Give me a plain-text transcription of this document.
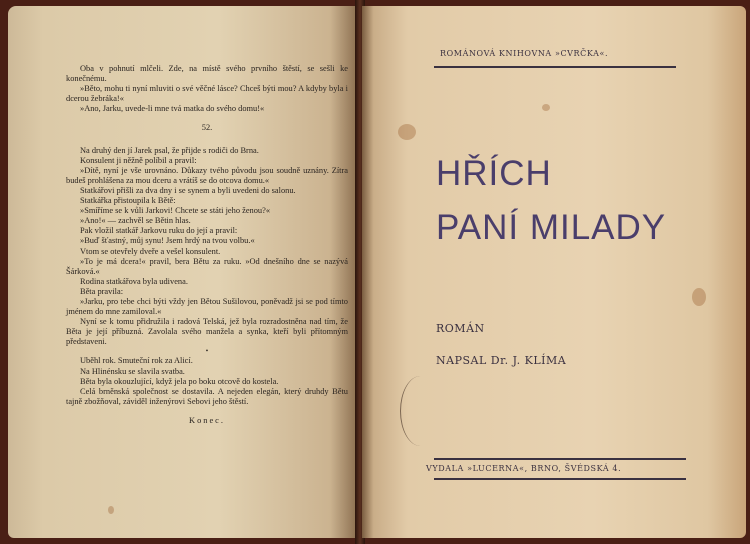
Oba v pohnutí mlčeli. Zde, na místě svého prvního štěstí, se sešli ke konečnému.

»Běto, mohu ti nyní mluviti o své věčné lásce? Chceš býti mou? A kdyby byla i dcerou žebráka!«

»Ano, Jarku, uvede-li mne tvá matka do svého domu!«

52.

Na druhý den jí Jarek psal, že přijde s rodiči do Brna.

Konsulent ji něžně políbil a pravil:

»Dítě, nyní je vše urovnáno. Důkazy tvého původu jsou soudně uznány. Zítra budeš prohlášena za mou dceru a vrátíš se do otcova domu.«

Statkářovi přišli za dva dny i se synem a byli uvedeni do salonu.

Statkářka přistoupila k Bětě:

»Smíříme se k vůli Jarkovi! Chcete se státi jeho ženou?«

»Ano!« — zachvěl se Bětin hlas.

Pak vložil statkář Jarkovu ruku do její a pravil:

»Buď šťastný, můj synu! Jsem hrdý na tvou volbu.«

Vtom se otevřely dveře a vešel konsulent.

»To je má dcera!« pravil, bera Bětu za ruku. »Od dnešního dne se nazývá Šárková.«

Rodina statkářova byla udivena.

Běta pravila:

»Jarku, pro tebe chci býti vždy jen Bětou Sušilovou, poněvadž jsi se pod tímto jménem do mne zamiloval.«

Nyní se k tomu přidružila i radová Telská, jež byla rozradostněna nad tím, že Běta je její příbuzná. Zavolala svého manžela a synka, kteří byli přítomným představeni.

•

Uběhl rok. Smuteční rok za Alicí.

Na Hlinénsku se slavila svatba.

Běta byla okouzlující, když jela po boku otcově do kostela.

Celá brněnská společnost se dostavila. A nejeden elegán, který druhdy Bětu tajně zbožňoval, záviděl inženýrovi Sebovi jeho štěstí.

Konec.
ROMÁNOVÁ KNIHOVNA »CVRČKA«.
HŘÍCH
PANÍ MILADY
ROMÁN
NAPSAL Dr. J. KLÍMA
VYDALA »LUCERNA«, BRNO, ŠVÉDSKÁ 4.
